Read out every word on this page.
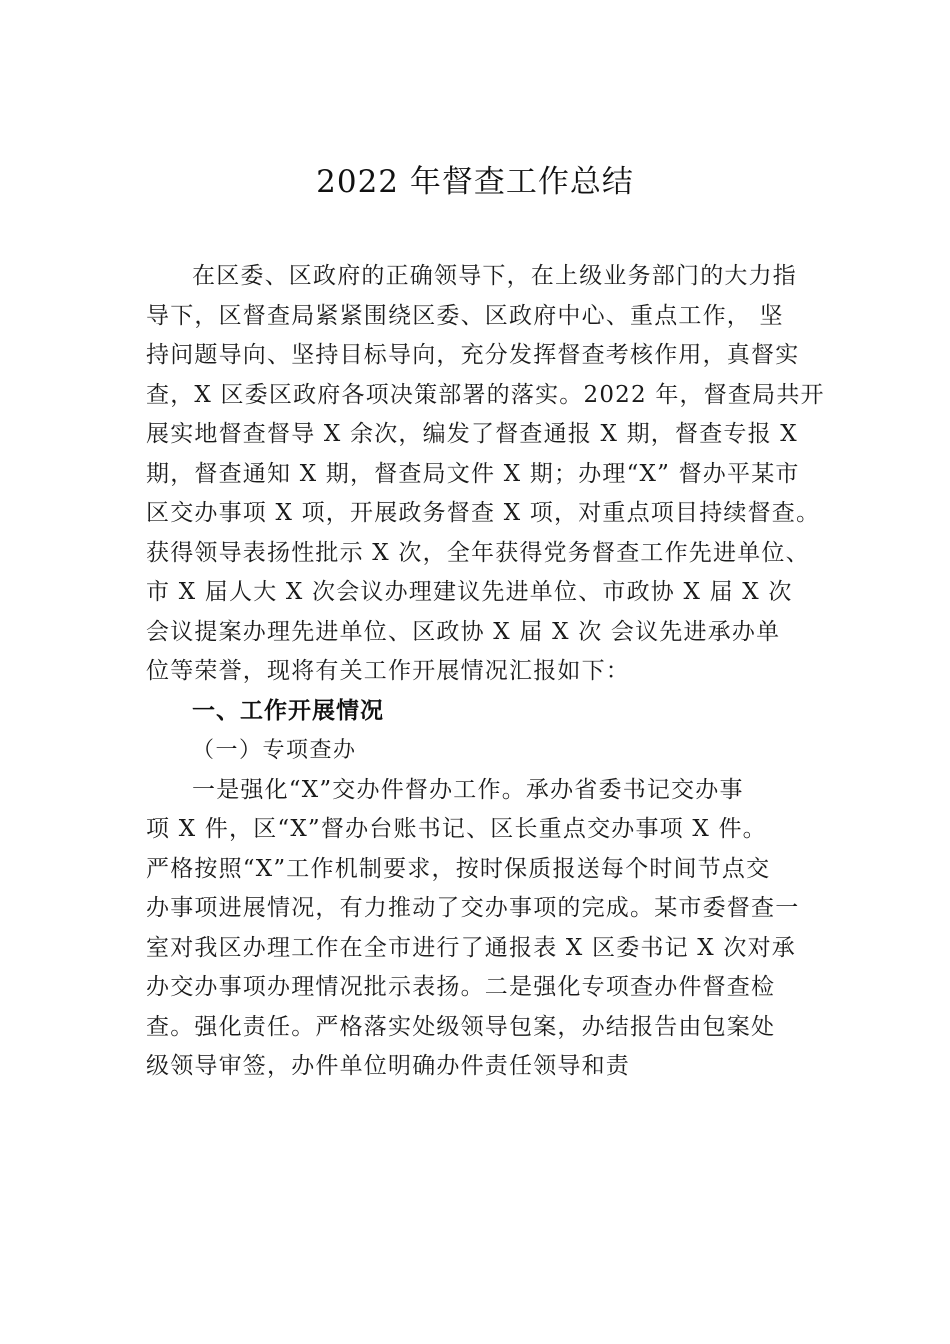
2022 年督查工作总结
在区委、区政府的正确领导下，在上级业务部门的大力指
导下，区督查局紧紧围绕区委、区政府中心、重点工作， 坚
持问题导向、坚持目标导向，充分发挥督查考核作用，真督实
查，X 区委区政府各项决策部署的落实。2022 年，督查局共开
展实地督查督导 X 余次，编发了督查通报 X 期，督查专报 X
期，督查通知 X 期，督查局文件 X 期；办理“X” 督办平某市
区交办事项 X 项，开展政务督查 X 项，对重点项目持续督查。
获得领导表扬性批示 X 次，全年获得党务督查工作先进单位、
市 X 届人大 X 次会议办理建议先进单位、市政协 X 届 X 次
会议提案办理先进单位、区政协 X 届 X 次 会议先进承办单
位等荣誉，现将有关工作开展情况汇报如下：
一、工作开展情况
（一）专项查办
一是强化“X”交办件督办工作。承办省委书记交办事
项 X 件，区“X”督办台账书记、区长重点交办事项 X 件。
严格按照“X”工作机制要求，按时保质报送每个时间节点交
办事项进展情况，有力推动了交办事项的完成。某市委督查一
室对我区办理工作在全市进行了通报表 X 区委书记 X 次对承
办交办事项办理情况批示表扬。二是强化专项查办件督查检
查。强化责任。严格落实处级领导包案，办结报告由包案处
级领导审签，办件单位明确办件责任领导和责
